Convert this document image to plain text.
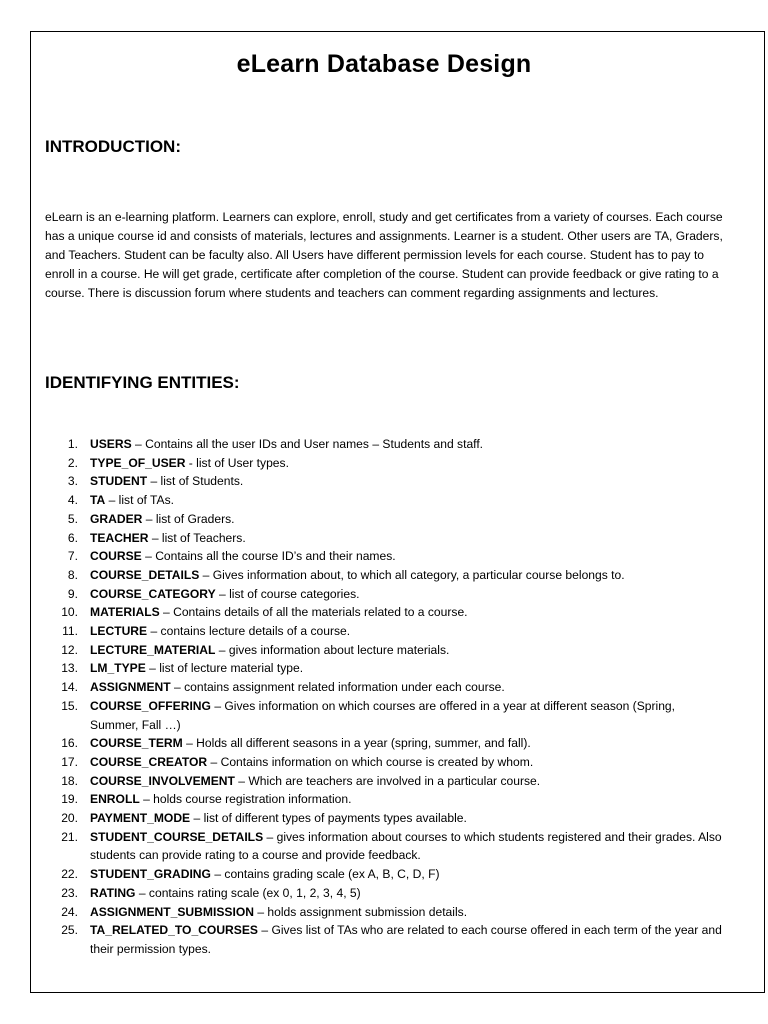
eLearn Database Design
INTRODUCTION:

eLearn is an e-learning platform. Learners can explore, enroll, study and get certificates from a variety of courses. Each course has a unique course id and consists of materials, lectures and assignments. Learner is a student. Other users are TA, Graders, and Teachers. Student can be faculty also. All Users have different permission levels for each course. Student has to pay to enroll in a course. He will get grade, certificate after completion of the course. Student can provide feedback or give rating to a course. There is discussion forum where students and teachers can comment regarding assignments and lectures.

IDENTIFYING ENTITIES:
1. USERS – Contains all the user IDs and User names – Students and staff.
2. TYPE_OF_USER - list of User types.
3. STUDENT – list of Students.
4. TA – list of TAs.
5. GRADER – list of Graders.
6. TEACHER – list of Teachers.
7. COURSE – Contains all the course ID’s and their names.
8. COURSE_DETAILS – Gives information about, to which all category, a particular course belongs to.
9. COURSE_CATEGORY – list of course categories.
10. MATERIALS – Contains details of all the materials related to a course.
11. LECTURE – contains lecture details of a course.
12. LECTURE_MATERIAL – gives information about lecture materials.
13. LM_TYPE – list of lecture material type.
14. ASSIGNMENT – contains assignment related information under each course.
15. COURSE_OFFERING – Gives information on which courses are offered in a year at different season (Spring, Summer, Fall …)
16. COURSE_TERM – Holds all different seasons in a year (spring, summer, and fall).
17. COURSE_CREATOR – Contains information on which course is created by whom.
18. COURSE_INVOLVEMENT – Which are teachers are involved in a particular course.
19. ENROLL – holds course registration information.
20. PAYMENT_MODE – list of different types of payments types available.
21. STUDENT_COURSE_DETAILS – gives information about courses to which students registered and their grades. Also students can provide rating to a course and provide feedback.
22. STUDENT_GRADING – contains grading scale (ex A, B, C, D, F)
23. RATING – contains rating scale (ex 0, 1, 2, 3, 4, 5)
24. ASSIGNMENT_SUBMISSION – holds assignment submission details.
25. TA_RELATED_TO_COURSES – Gives list of TAs who are related to each course offered in each term of the year and their permission types.
